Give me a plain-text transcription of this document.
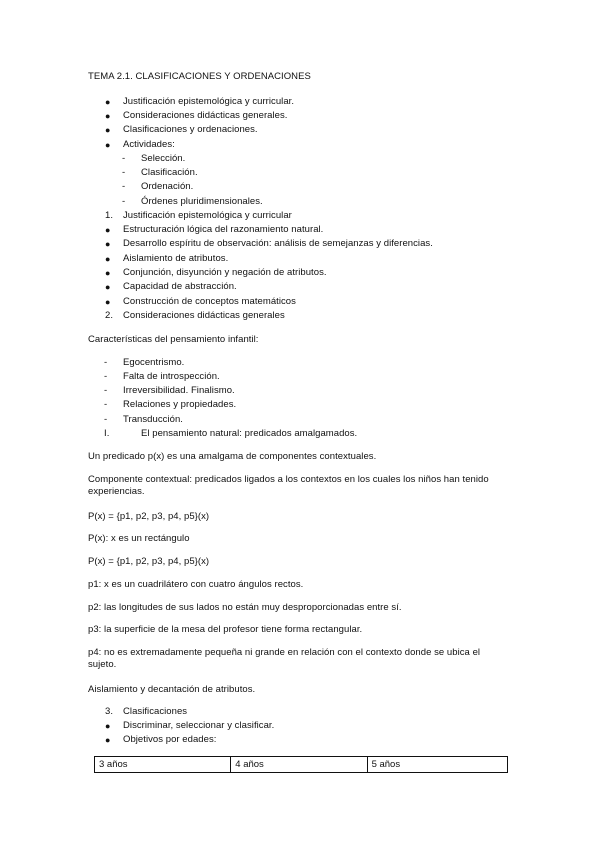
TEMA 2.1. CLASIFICACIONES Y ORDENACIONES
● Justificación epistemológica y curricular.
● Consideraciones didácticas generales.
● Clasificaciones y ordenaciones.
● Actividades:
- Selección.
- Clasificación.
- Ordenación.
- Órdenes pluridimensionales.
1. Justificación epistemológica y curricular
● Estructuración lógica del razonamiento natural.
● Desarrollo espíritu de observación: análisis de semejanzas y diferencias.
● Aislamiento de atributos.
● Conjunción, disyunción y negación de atributos.
● Capacidad de abstracción.
● Construcción de conceptos matemáticos
2. Consideraciones didácticas generales
Características del pensamiento infantil:
- Egocentrismo.
- Falta de introspección.
- Irreversibilidad. Finalismo.
- Relaciones y propiedades.
- Transducción.
I.	El pensamiento natural: predicados amalgamados.
Un predicado p(x) es una amalgama de componentes contextuales.
Componente contextual: predicados ligados a los contextos en los cuales los niños han tenido experiencias.
P(x) = {p1, p2, p3, p4, p5}(x)
P(x): x es un rectángulo
P(x) = {p1, p2, p3, p4, p5}(x)
p1: x es un cuadrilátero con cuatro ángulos rectos.
p2: las longitudes de sus lados no están muy desproporcionadas entre sí.
p3: la superficie de la mesa del profesor tiene forma rectangular.
p4: no es extremadamente pequeña ni grande en relación con el contexto donde se ubica el sujeto.
Aislamiento y decantación de atributos.
3. Clasificaciones
● Discriminar, seleccionar y clasificar.
● Objetivos por edades:
3 años	4 años	5 años
